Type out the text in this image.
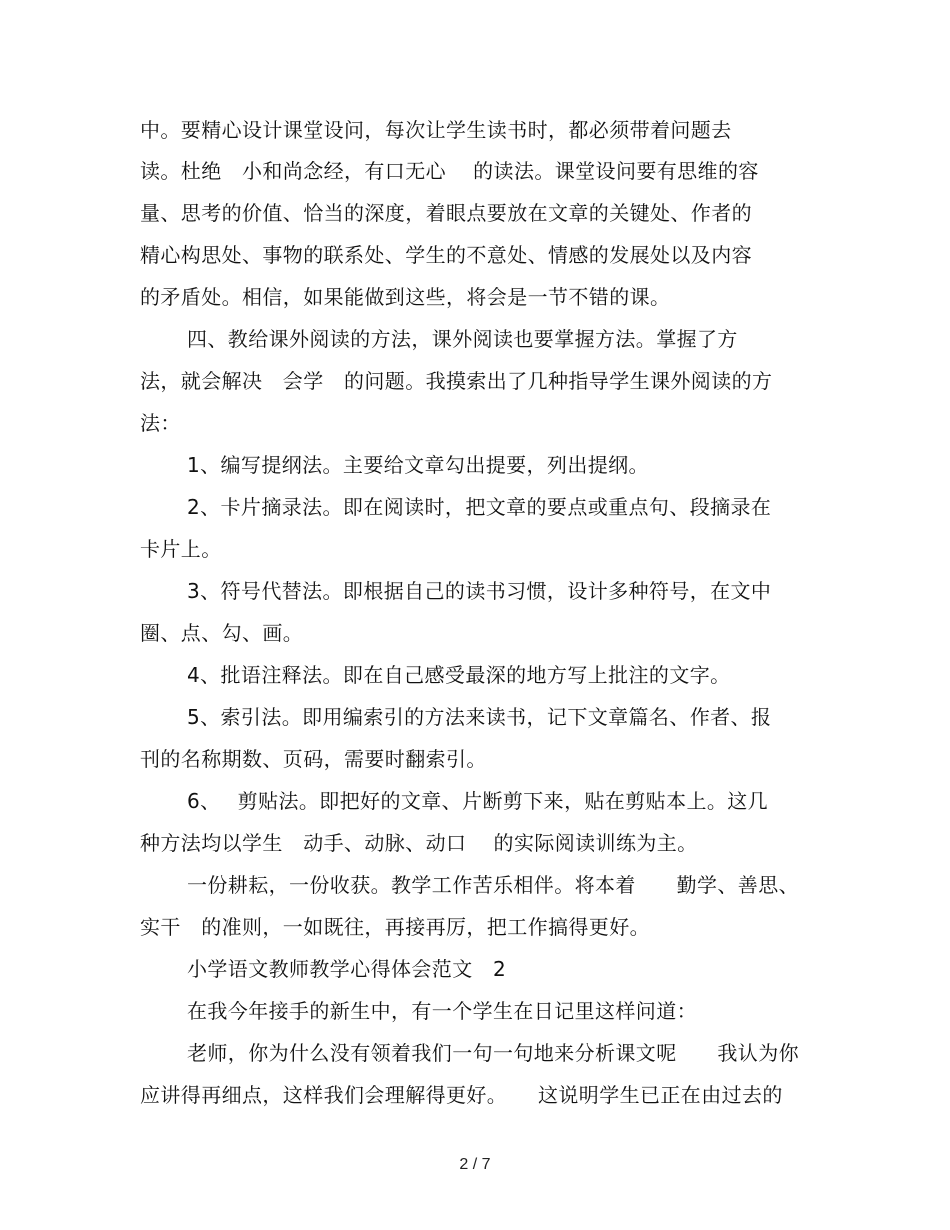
中。要精心设计课堂设问，每次让学生读书时，都必须带着问题去
读。杜绝　小和尚念经，有口无心　 的读法。课堂设问要有思维的容
量、思考的价值、恰当的深度，着眼点要放在文章的关键处、作者的
精心构思处、事物的联系处、学生的不意处、情感的发展处以及内容
的矛盾处。相信，如果能做到这些，将会是一节不错的课。
四、教给课外阅读的方法，课外阅读也要掌握方法。掌握了方
法，就会解决　会学　的问题。我摸索出了几种指导学生课外阅读的方
法：
1、编写提纲法。主要给文章勾出提要，列出提纲。
2、卡片摘录法。即在阅读时，把文章的要点或重点句、段摘录在
卡片上。
3、符号代替法。即根据自己的读书习惯，设计多种符号，在文中
圈、点、勾、画。
4、批语注释法。即在自己感受最深的地方写上批注的文字。
5、索引法。即用编索引的方法来读书，记下文章篇名、作者、报
刊的名称期数、页码，需要时翻索引。
6、　 剪贴法。即把好的文章、片断剪下来，贴在剪贴本上。这几
种方法均以学生　动手、动脉、动口　 的实际阅读训练为主。
一份耕耘，一份收获。教学工作苦乐相伴。将本着　　勤学、善思、
实干　的准则，一如既往，再接再厉，把工作搞得更好。
小学语文教师教学心得体会范文　2
在我今年接手的新生中，有一个学生在日记里这样问道：
老师，你为什么没有领着我们一句一句地来分析课文呢　　我认为你
应讲得再细点，这样我们会理解得更好。　　这说明学生已正在由过去的
2 / 7
